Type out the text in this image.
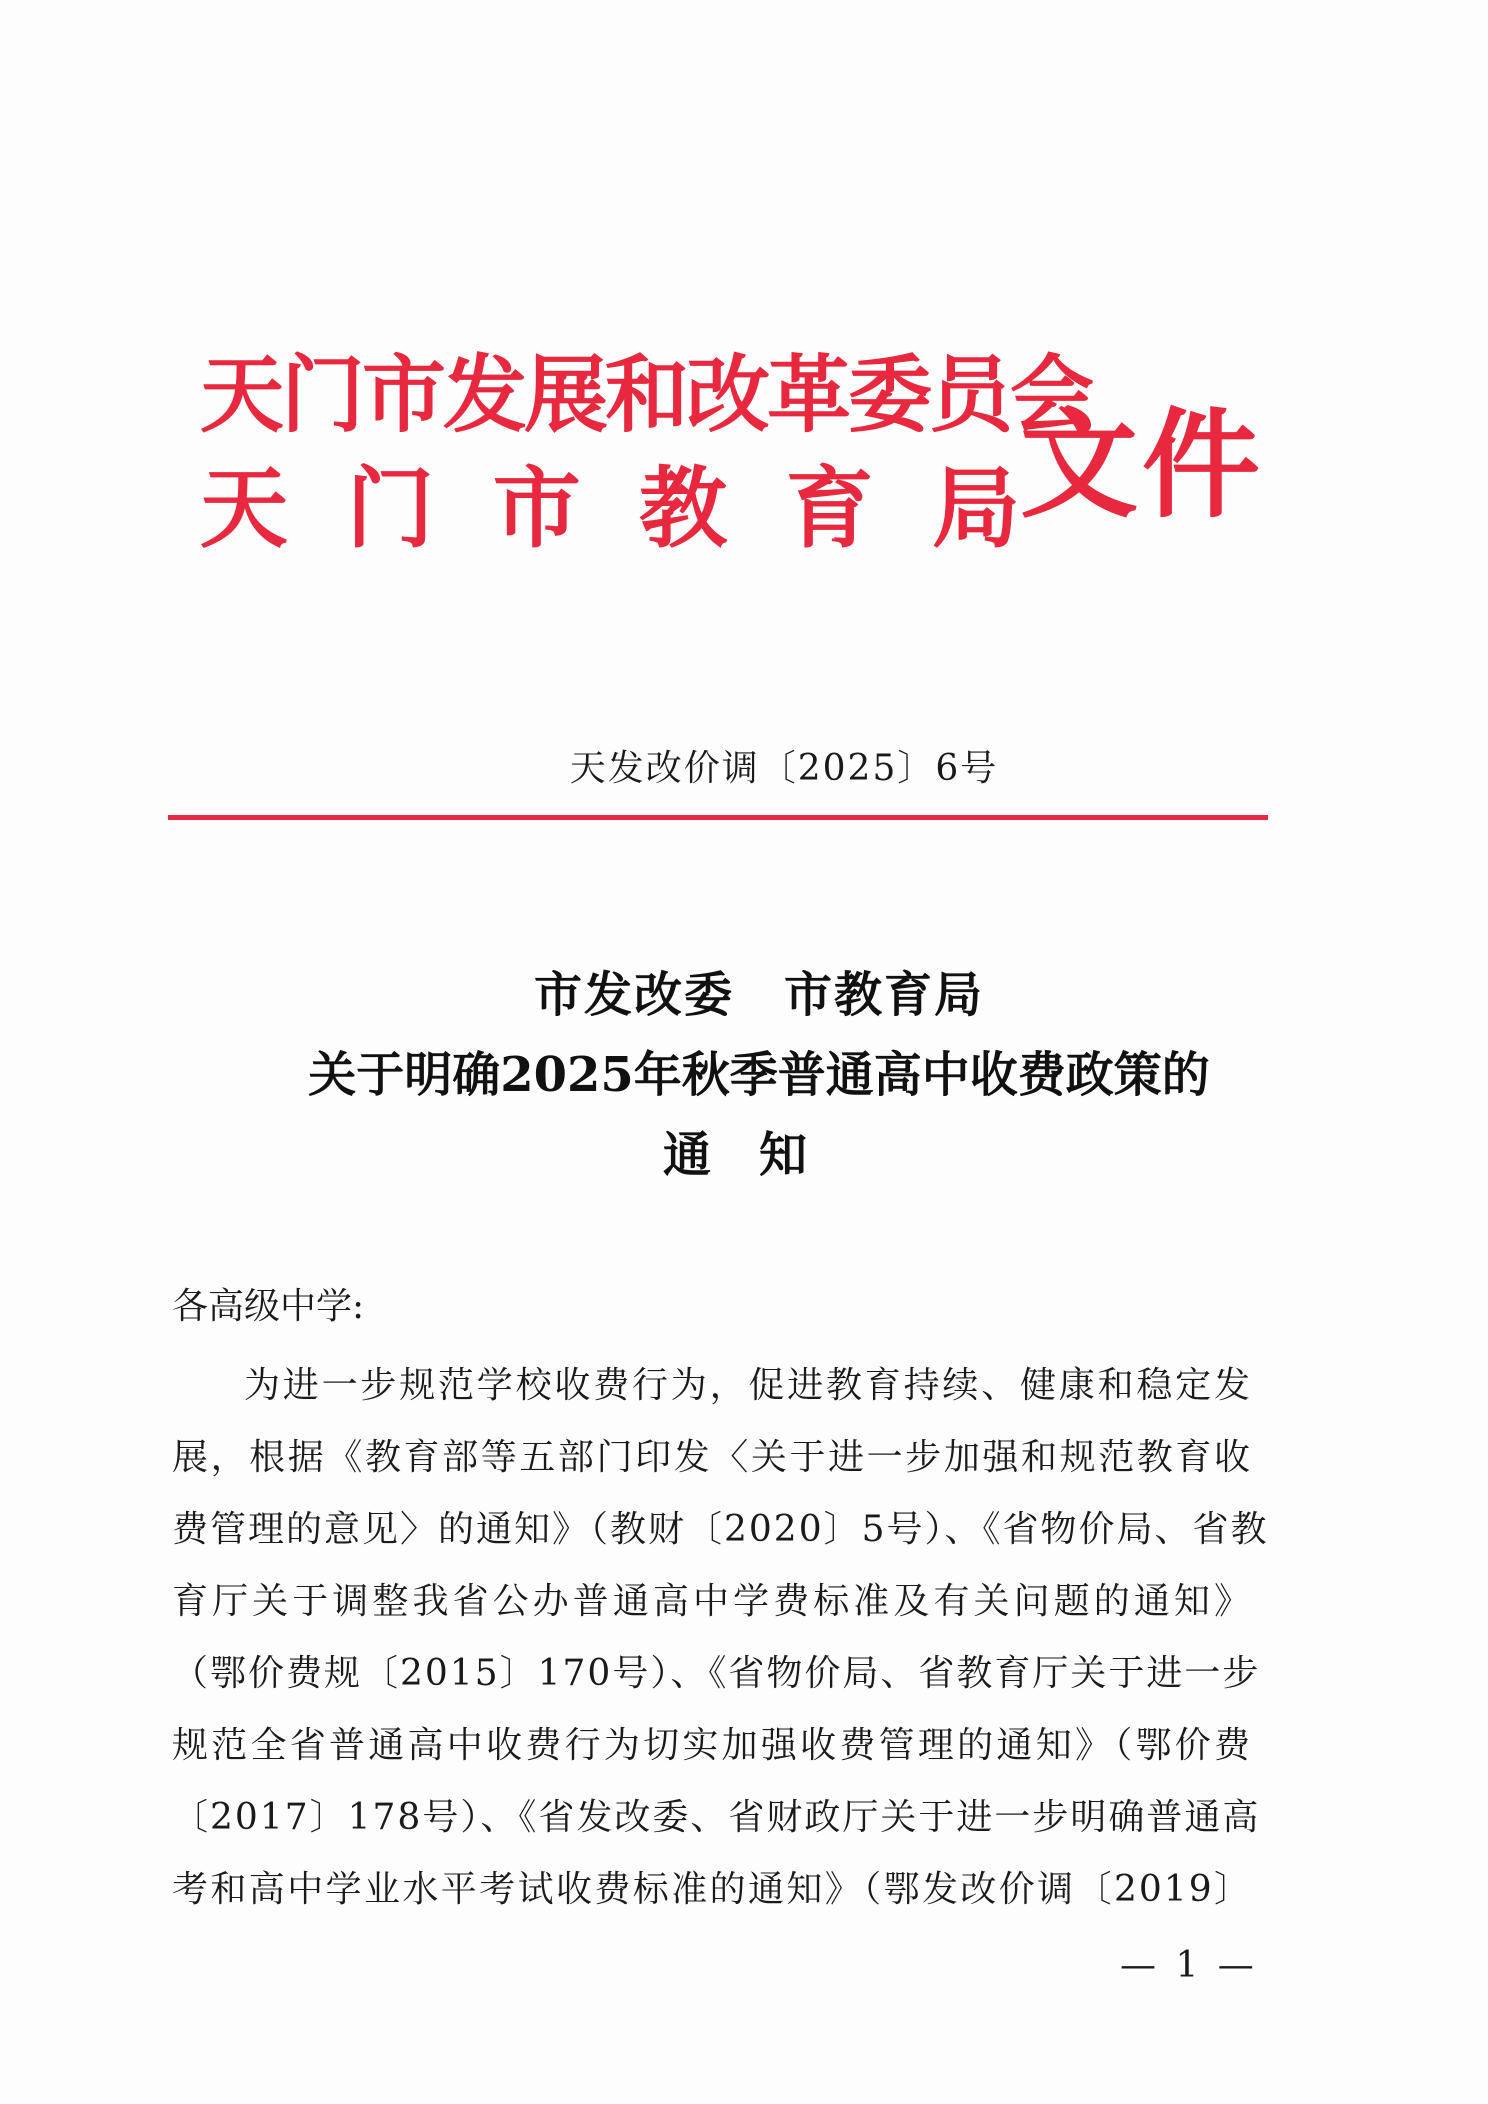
天门市发展和改革委员会
天 门 市 教 育 局 文件
天发改价调〔2025〕6号
市发改委　市教育局
关于明确2025年秋季普通高中收费政策的
通知
各高级中学:
为进一步规范学校收费行为，促进教育持续、健康和稳定发
展，根据《教育部等五部门印发〈关于进一步加强和规范教育收
费管理的意见〉的通知》（教财〔2020〕5号）、《省物价局、省教
育厅关于调整我省公办普通高中学费标准及有关问题的通知》
（鄂价费规〔2015〕170号）、《省物价局、省教育厅关于进一步
规范全省普通高中收费行为切实加强收费管理的通知》（鄂价费
〔2017〕178号）、《省发改委、省财政厅关于进一步明确普通高
考和高中学业水平考试收费标准的通知》（鄂发改价调〔2019〕
— 1 —
